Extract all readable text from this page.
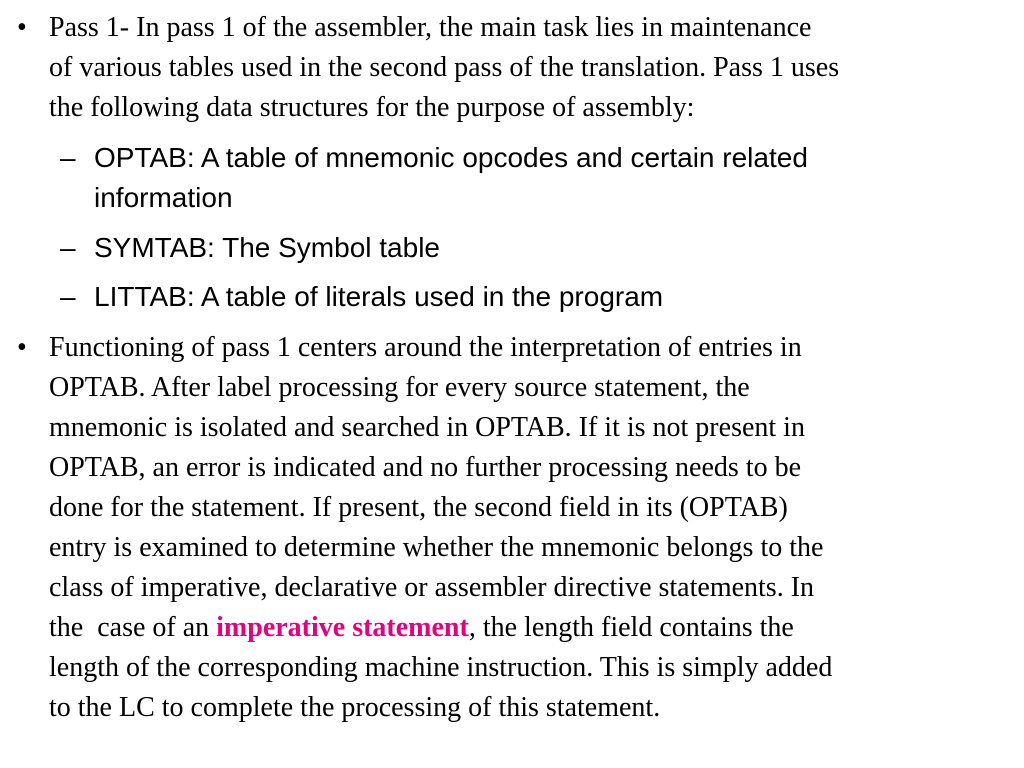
• Pass 1- In pass 1 of the assembler, the main task lies in maintenance
of various tables used in the second pass of the translation. Pass 1 uses
the following data structures for the purpose of assembly:
– OPTAB: A table of mnemonic opcodes and certain related
information
– SYMTAB: The Symbol table
– LITTAB: A table of literals used in the program
• Functioning of pass 1 centers around the interpretation of entries in
OPTAB. After label processing for every source statement, the
mnemonic is isolated and searched in OPTAB. If it is not present in
OPTAB, an error is indicated and no further processing needs to be
done for the statement. If present, the second field in its (OPTAB)
entry is examined to determine whether the mnemonic belongs to the
class of imperative, declarative or assembler directive statements. In
the  case of an imperative statement, the length field contains the
length of the corresponding machine instruction. This is simply added
to the LC to complete the processing of this statement.
